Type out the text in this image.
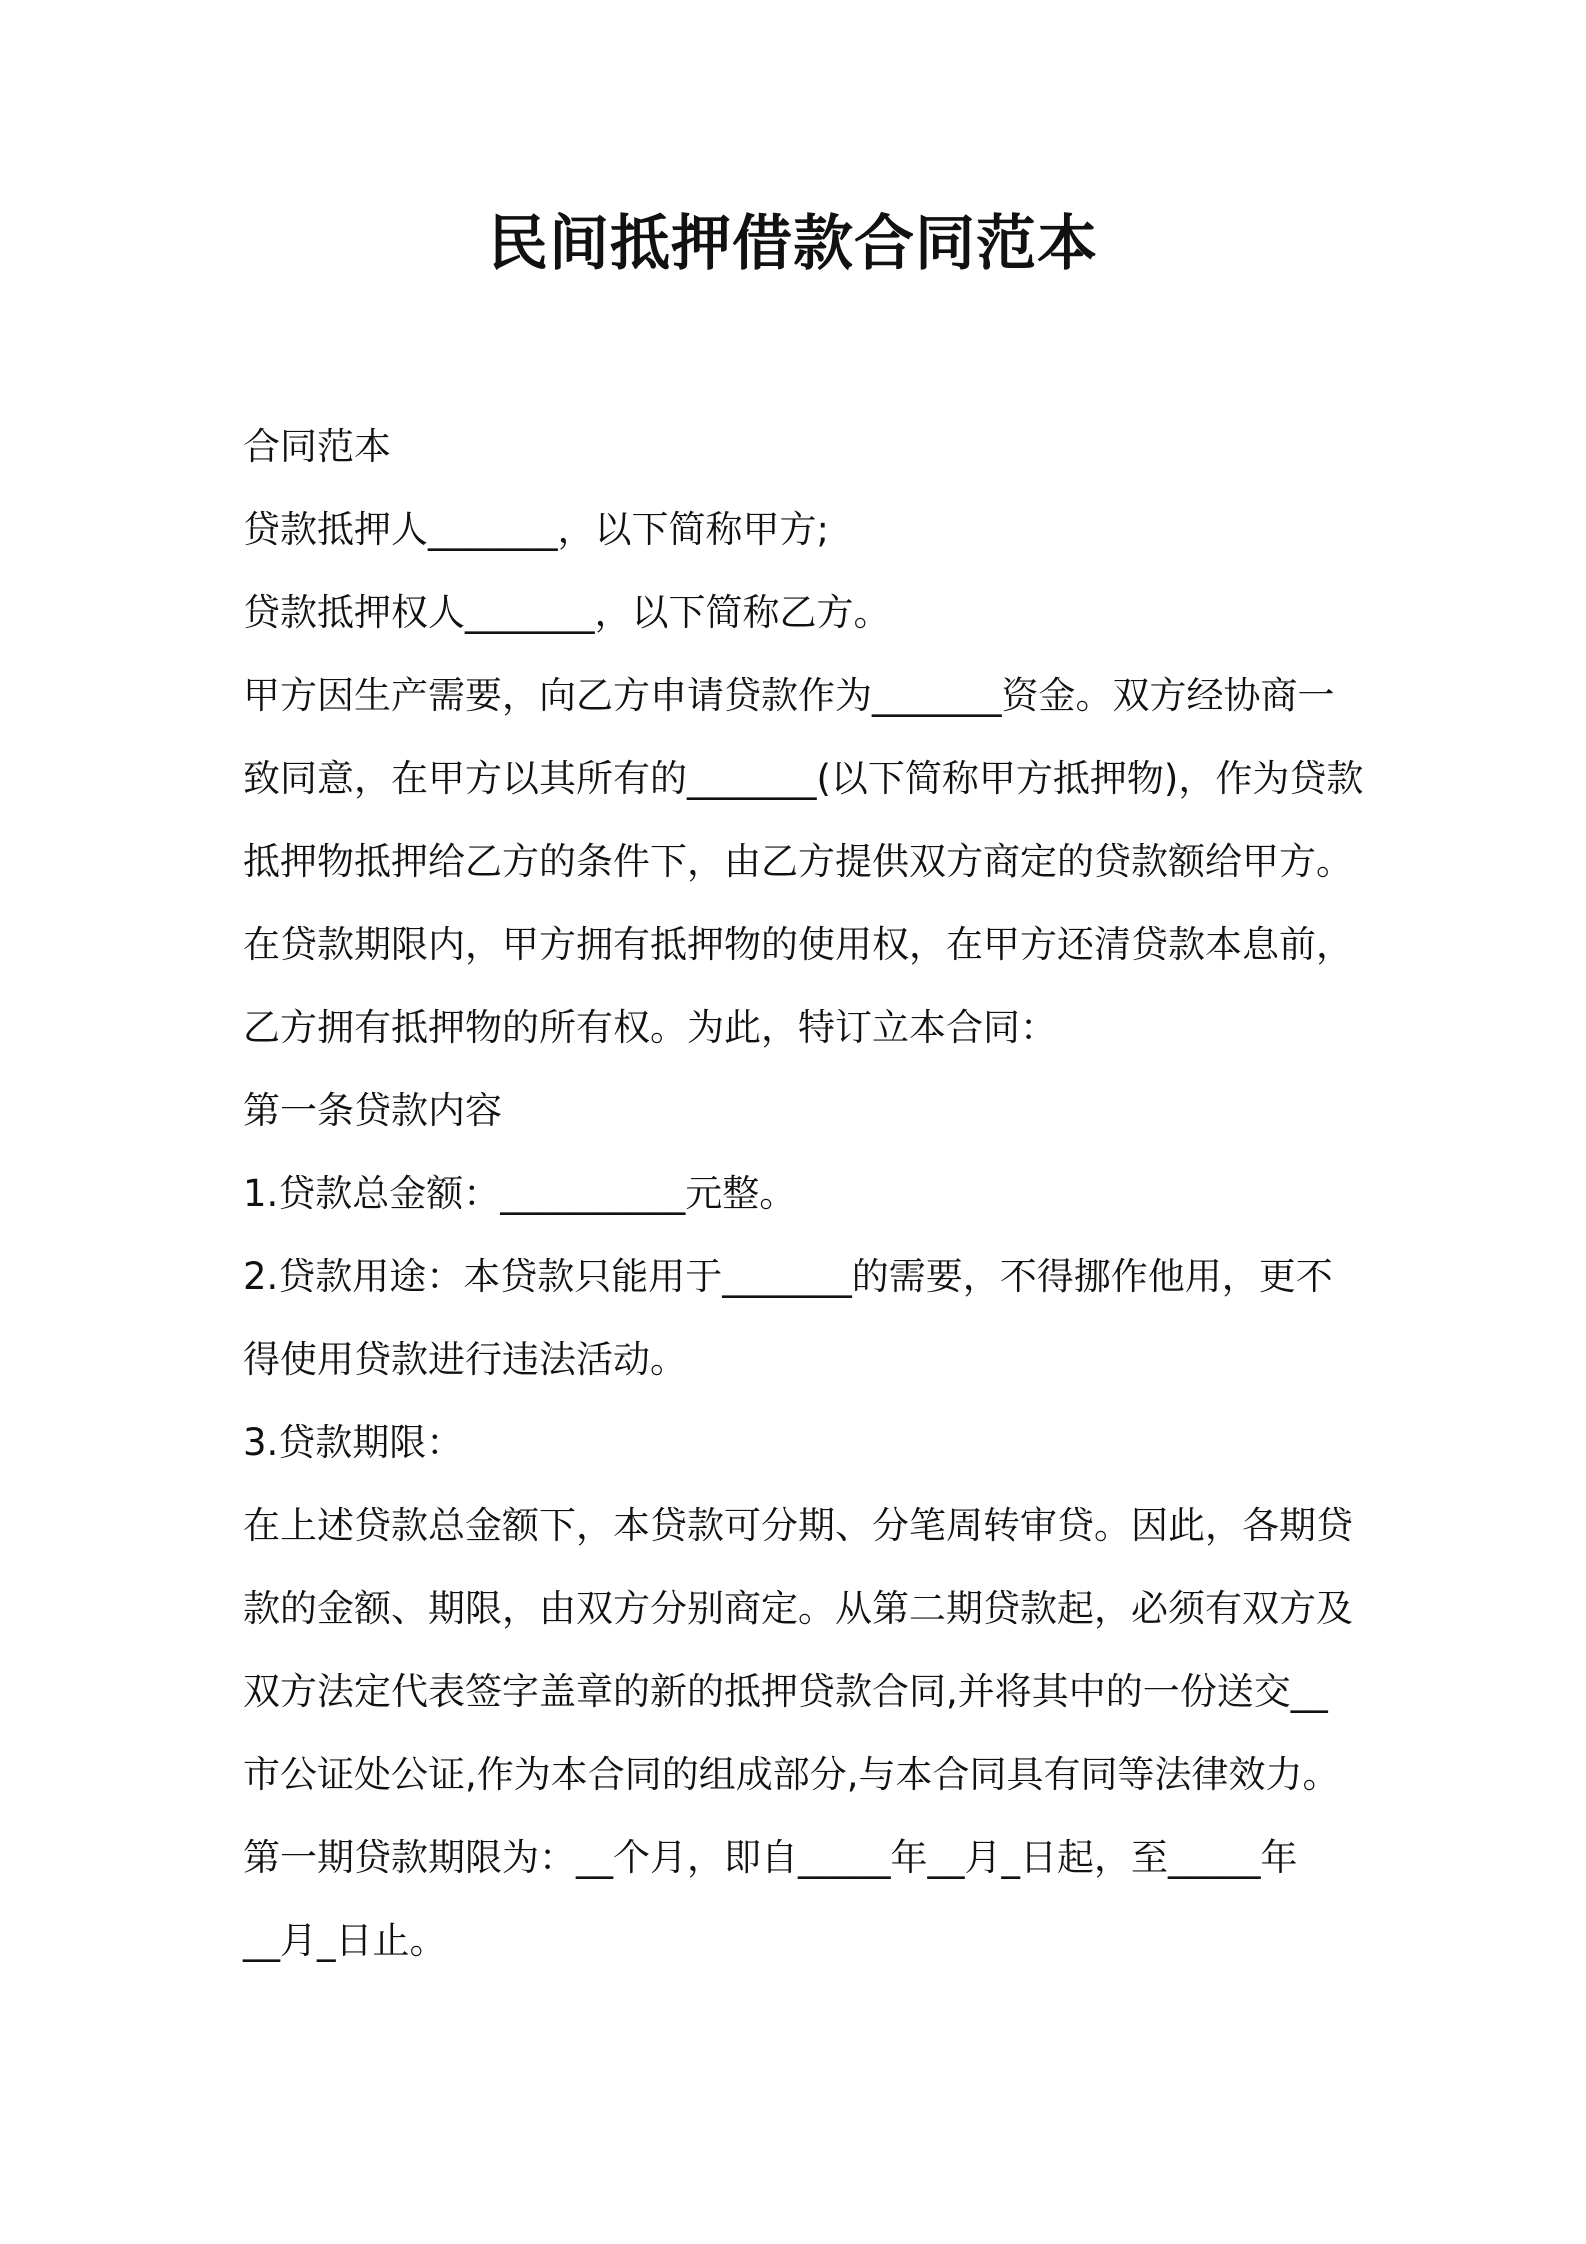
民间抵押借款合同范本

合同范本

贷款抵押人_______，以下简称甲方;

贷款抵押权人_______，以下简称乙方。

甲方因生产需要，向乙方申请贷款作为_______资金。双方经协商一

致同意，在甲方以其所有的_______(以下简称甲方抵押物)，作为贷款

抵押物抵押给乙方的条件下，由乙方提供双方商定的贷款额给甲方。

在贷款期限内，甲方拥有抵押物的使用权，在甲方还清贷款本息前，

乙方拥有抵押物的所有权。为此，特订立本合同：

第一条贷款内容

1.贷款总金额：__________元整。

2.贷款用途：本贷款只能用于_______的需要，不得挪作他用，更不

得使用贷款进行违法活动。

3.贷款期限：

在上述贷款总金额下，本贷款可分期、分笔周转审贷。因此，各期贷

款的金额、期限，由双方分别商定。从第二期贷款起，必须有双方及

双方法定代表签字盖章的新的抵押贷款合同,并将其中的一份送交__

市公证处公证,作为本合同的组成部分,与本合同具有同等法律效力。

第一期贷款期限为：__个月，即自_____年__月_日起，至_____年

__月_日止。
